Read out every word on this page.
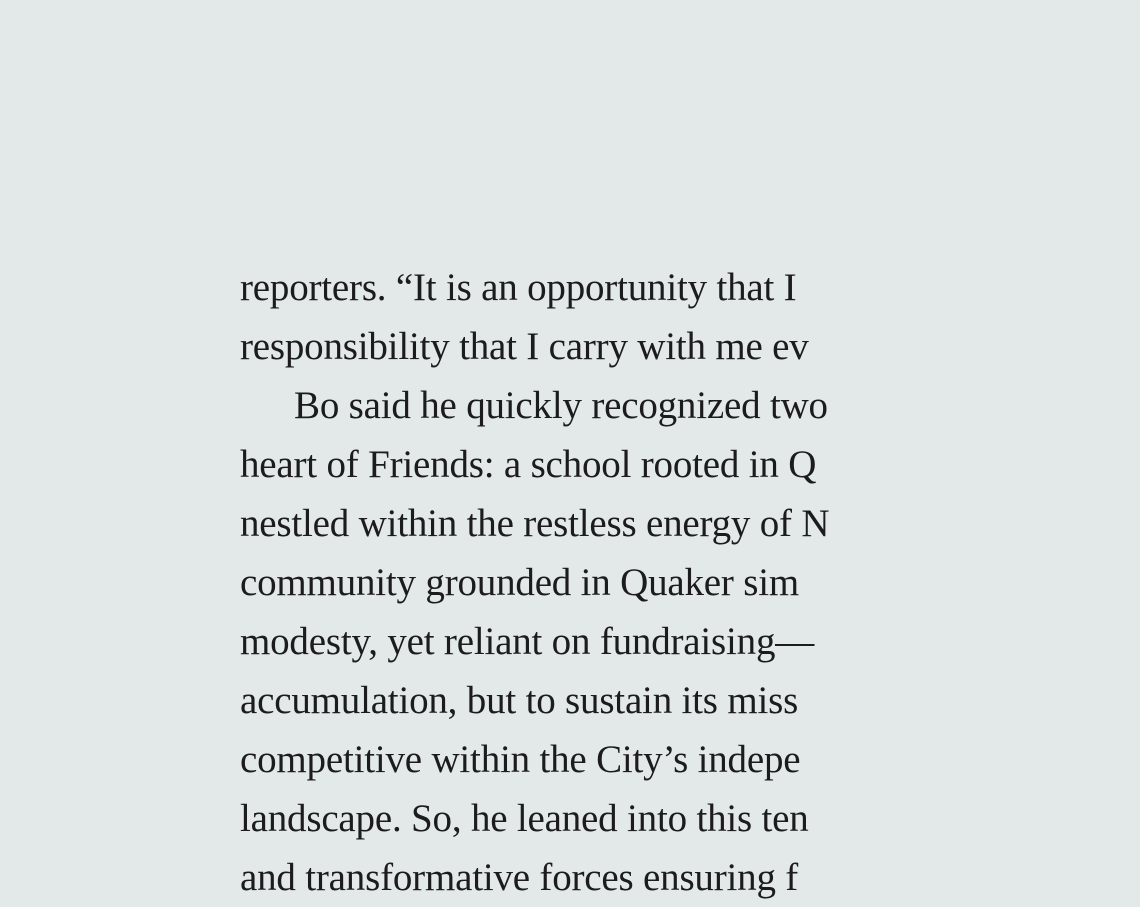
reporters. “It is an opportunity that I
responsibility that I carry with me ev
Bo said he quickly recognized two
heart of Friends: a school rooted in Q
nestled within the restless energy of N
community grounded in Quaker sim
modesty, yet reliant on fundraising—
accumulation, but to sustain its miss
competitive within the City’s indepe
landscape. So, he leaned into this ten
and transformative forces ensuring f
